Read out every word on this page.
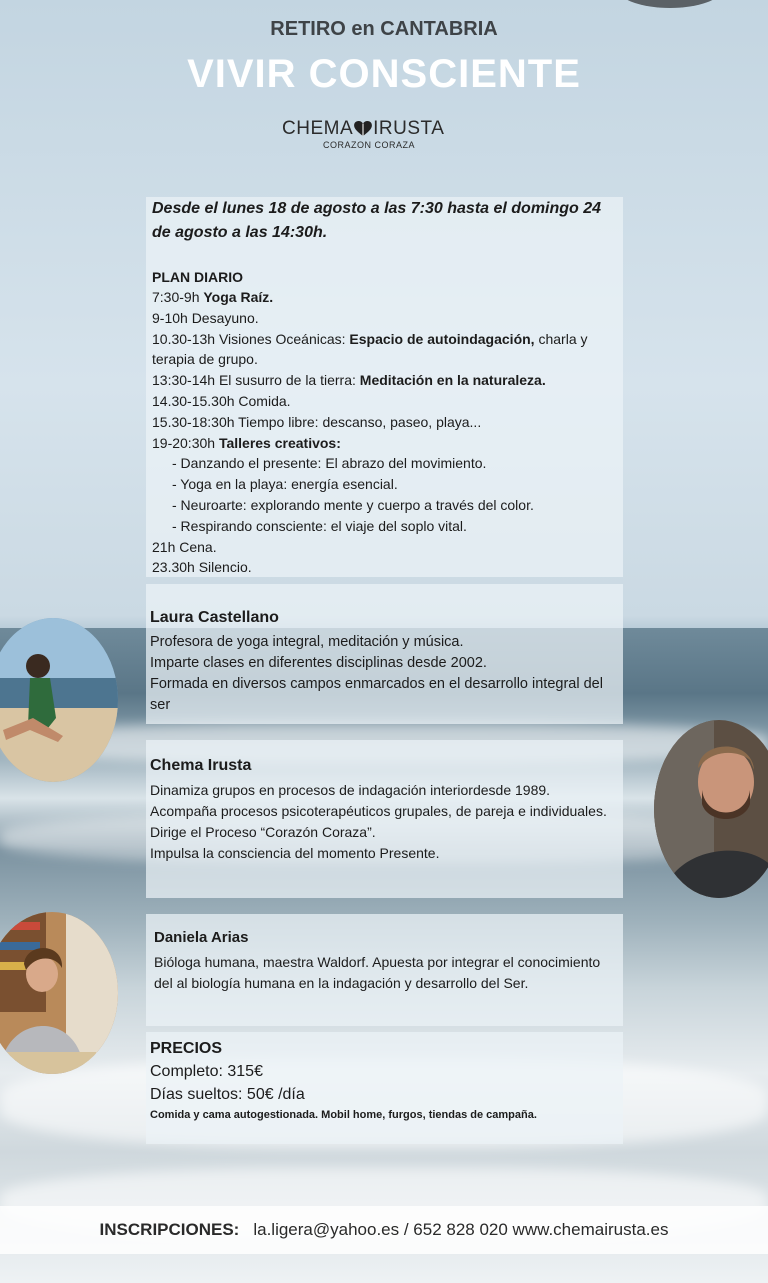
RETIRO en CANTABRIA
VIVIR CONSCIENTE
CHEMA IRUSTA
CORAZON CORAZA

Desde el lunes 18 de agosto a las 7:30 hasta el domingo 24 de agosto a las 14:30h.

PLAN DIARIO
7:30-9h Yoga Raíz.
9-10h Desayuno.
10.30-13h Visiones Oceánicas: Espacio de autoindagación, charla y terapia de grupo.
13:30-14h El susurro de la tierra: Meditación en la naturaleza.
14.30-15.30h Comida.
15.30-18:30h Tiempo libre: descanso, paseo, playa...
19-20:30h Talleres creativos:
- Danzando el presente: El abrazo del movimiento.
- Yoga en la playa: energía esencial.
- Neuroarte: explorando mente y cuerpo a través del color.
- Respirando consciente: el viaje del soplo vital.
21h Cena.
23.30h Silencio.
Laura Castellano
Profesora de yoga integral, meditación y música.
Imparte clases en diferentes disciplinas desde 2002.
Formada en diversos campos enmarcados en el desarrollo integral del ser
Chema Irusta
Dinamiza grupos en procesos de indagación interiordesde 1989.
Acompaña procesos psicoterapéuticos grupales, de pareja e individuales.
Dirige el Proceso “Corazón Coraza”.
Impulsa la consciencia del momento Presente.
Daniela Arias
Bióloga humana, maestra Waldorf. Apuesta por integrar el conocimiento del al biología humana en la indagación y desarrollo del Ser.
PRECIOS
Completo: 315€
Días sueltos: 50€ /día
Comida y cama autogestionada. Mobil home, furgos, tiendas de campaña.
INSCRIPCIONES: la.ligera@yahoo.es / 652 828 020 www.chemairusta.es
